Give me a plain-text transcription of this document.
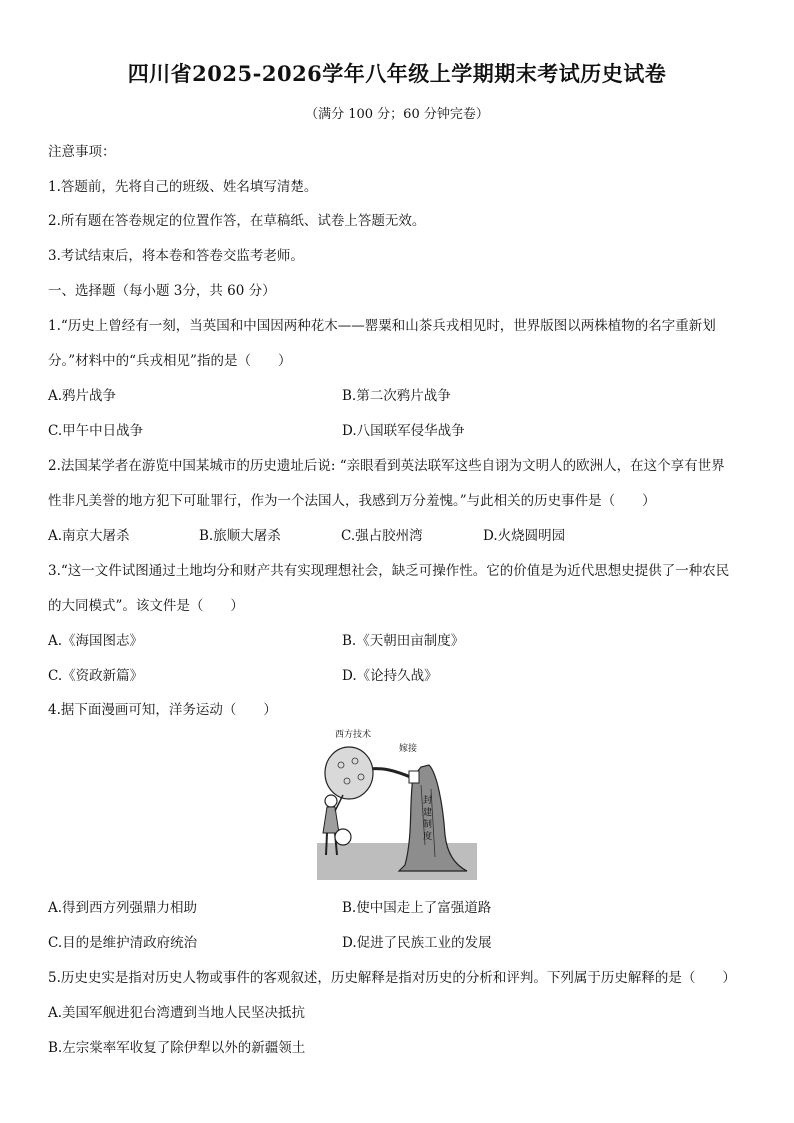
四川省2025-2026学年八年级上学期期末考试历史试卷
（满分 100 分；60 分钟完卷）
注意事项：
1.答题前，先将自己的班级、姓名填写清楚。
2.所有题在答卷规定的位置作答，在草稿纸、试卷上答题无效。
3.考试结束后，将本卷和答卷交监考老师。
一、选择题（每小题 3分，共 60 分）
1.“历史上曾经有一刻，当英国和中国因两种花木——罂粟和山茶兵戎相见时，世界版图以两株植物的名字重新划
分。”材料中的“兵戎相见”指的是（　　）
A.鸦片战争	B.第二次鸦片战争
C.甲午中日战争	D.八国联军侵华战争
2.法国某学者在游览中国某城市的历史遗址后说: “亲眼看到英法联军这些自诩为文明人的欧洲人，在这个享有世界
性非凡美誉的地方犯下可耻罪行，作为一个法国人，我感到万分羞愧。”与此相关的历史事件是（　　）
A.南京大屠杀	B.旅顺大屠杀	C.强占胶州湾	D.火烧圆明园
3.“这一文件试图通过土地均分和财产共有实现理想社会，缺乏可操作性。它的价值是为近代思想史提供了一种农民
的大同模式”。该文件是（　　）
A.《海国图志》	B.《天朝田亩制度》
C.《资政新篇》	D.《论持久战》
4.据下面漫画可知，洋务运动（　　）
西方技术
嫁接
封
建
制
度
A.得到西方列强鼎力相助	B.使中国走上了富强道路
C.目的是维护清政府统治	D.促进了民族工业的发展
5.历史史实是指对历史人物或事件的客观叙述，历史解释是指对历史的分析和评判。下列属于历史解释的是（　　）
A.美国军舰进犯台湾遭到当地人民坚决抵抗
B.左宗棠率军收复了除伊犁以外的新疆领土
